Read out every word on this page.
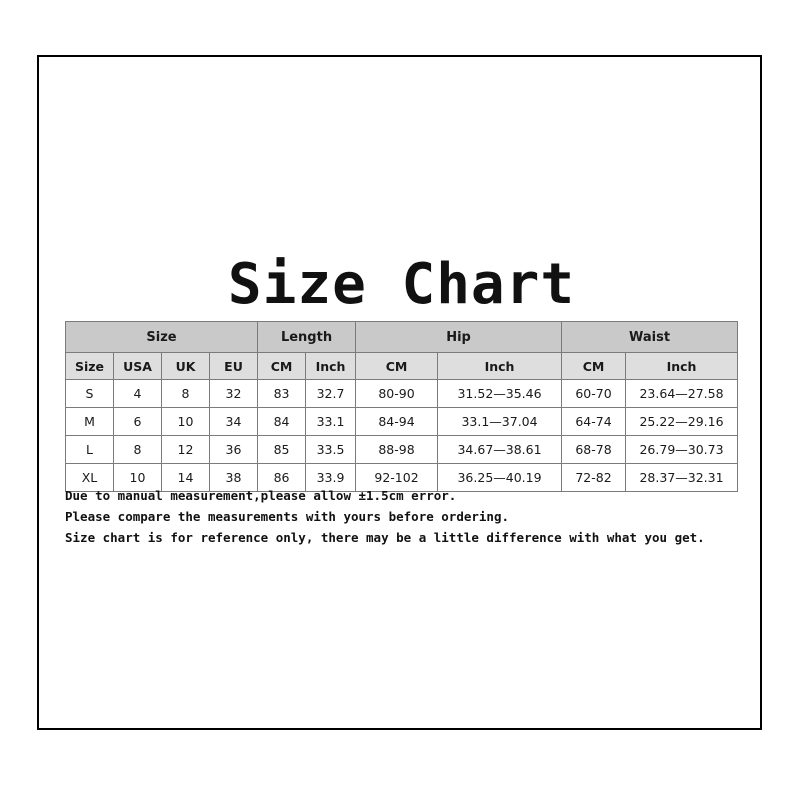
Size Chart
Size				Length		Hip		Waist	
Size	USA	UK	EU	CM	Inch	CM	Inch	CM	Inch
S	4	8	32	83	32.7	80-90	31.52—35.46	60-70	23.64—27.58
M	6	10	34	84	33.1	84-94	33.1—37.04	64-74	25.22—29.16
L	8	12	36	85	33.5	88-98	34.67—38.61	68-78	26.79—30.73
XL	10	14	38	86	33.9	92-102	36.25—40.19	72-82	28.37—32.31
Due to manual measurement,please allow ±1.5cm error.
Please compare the measurements with yours before ordering.
Size chart is for reference only, there may be a little difference with what you get.
